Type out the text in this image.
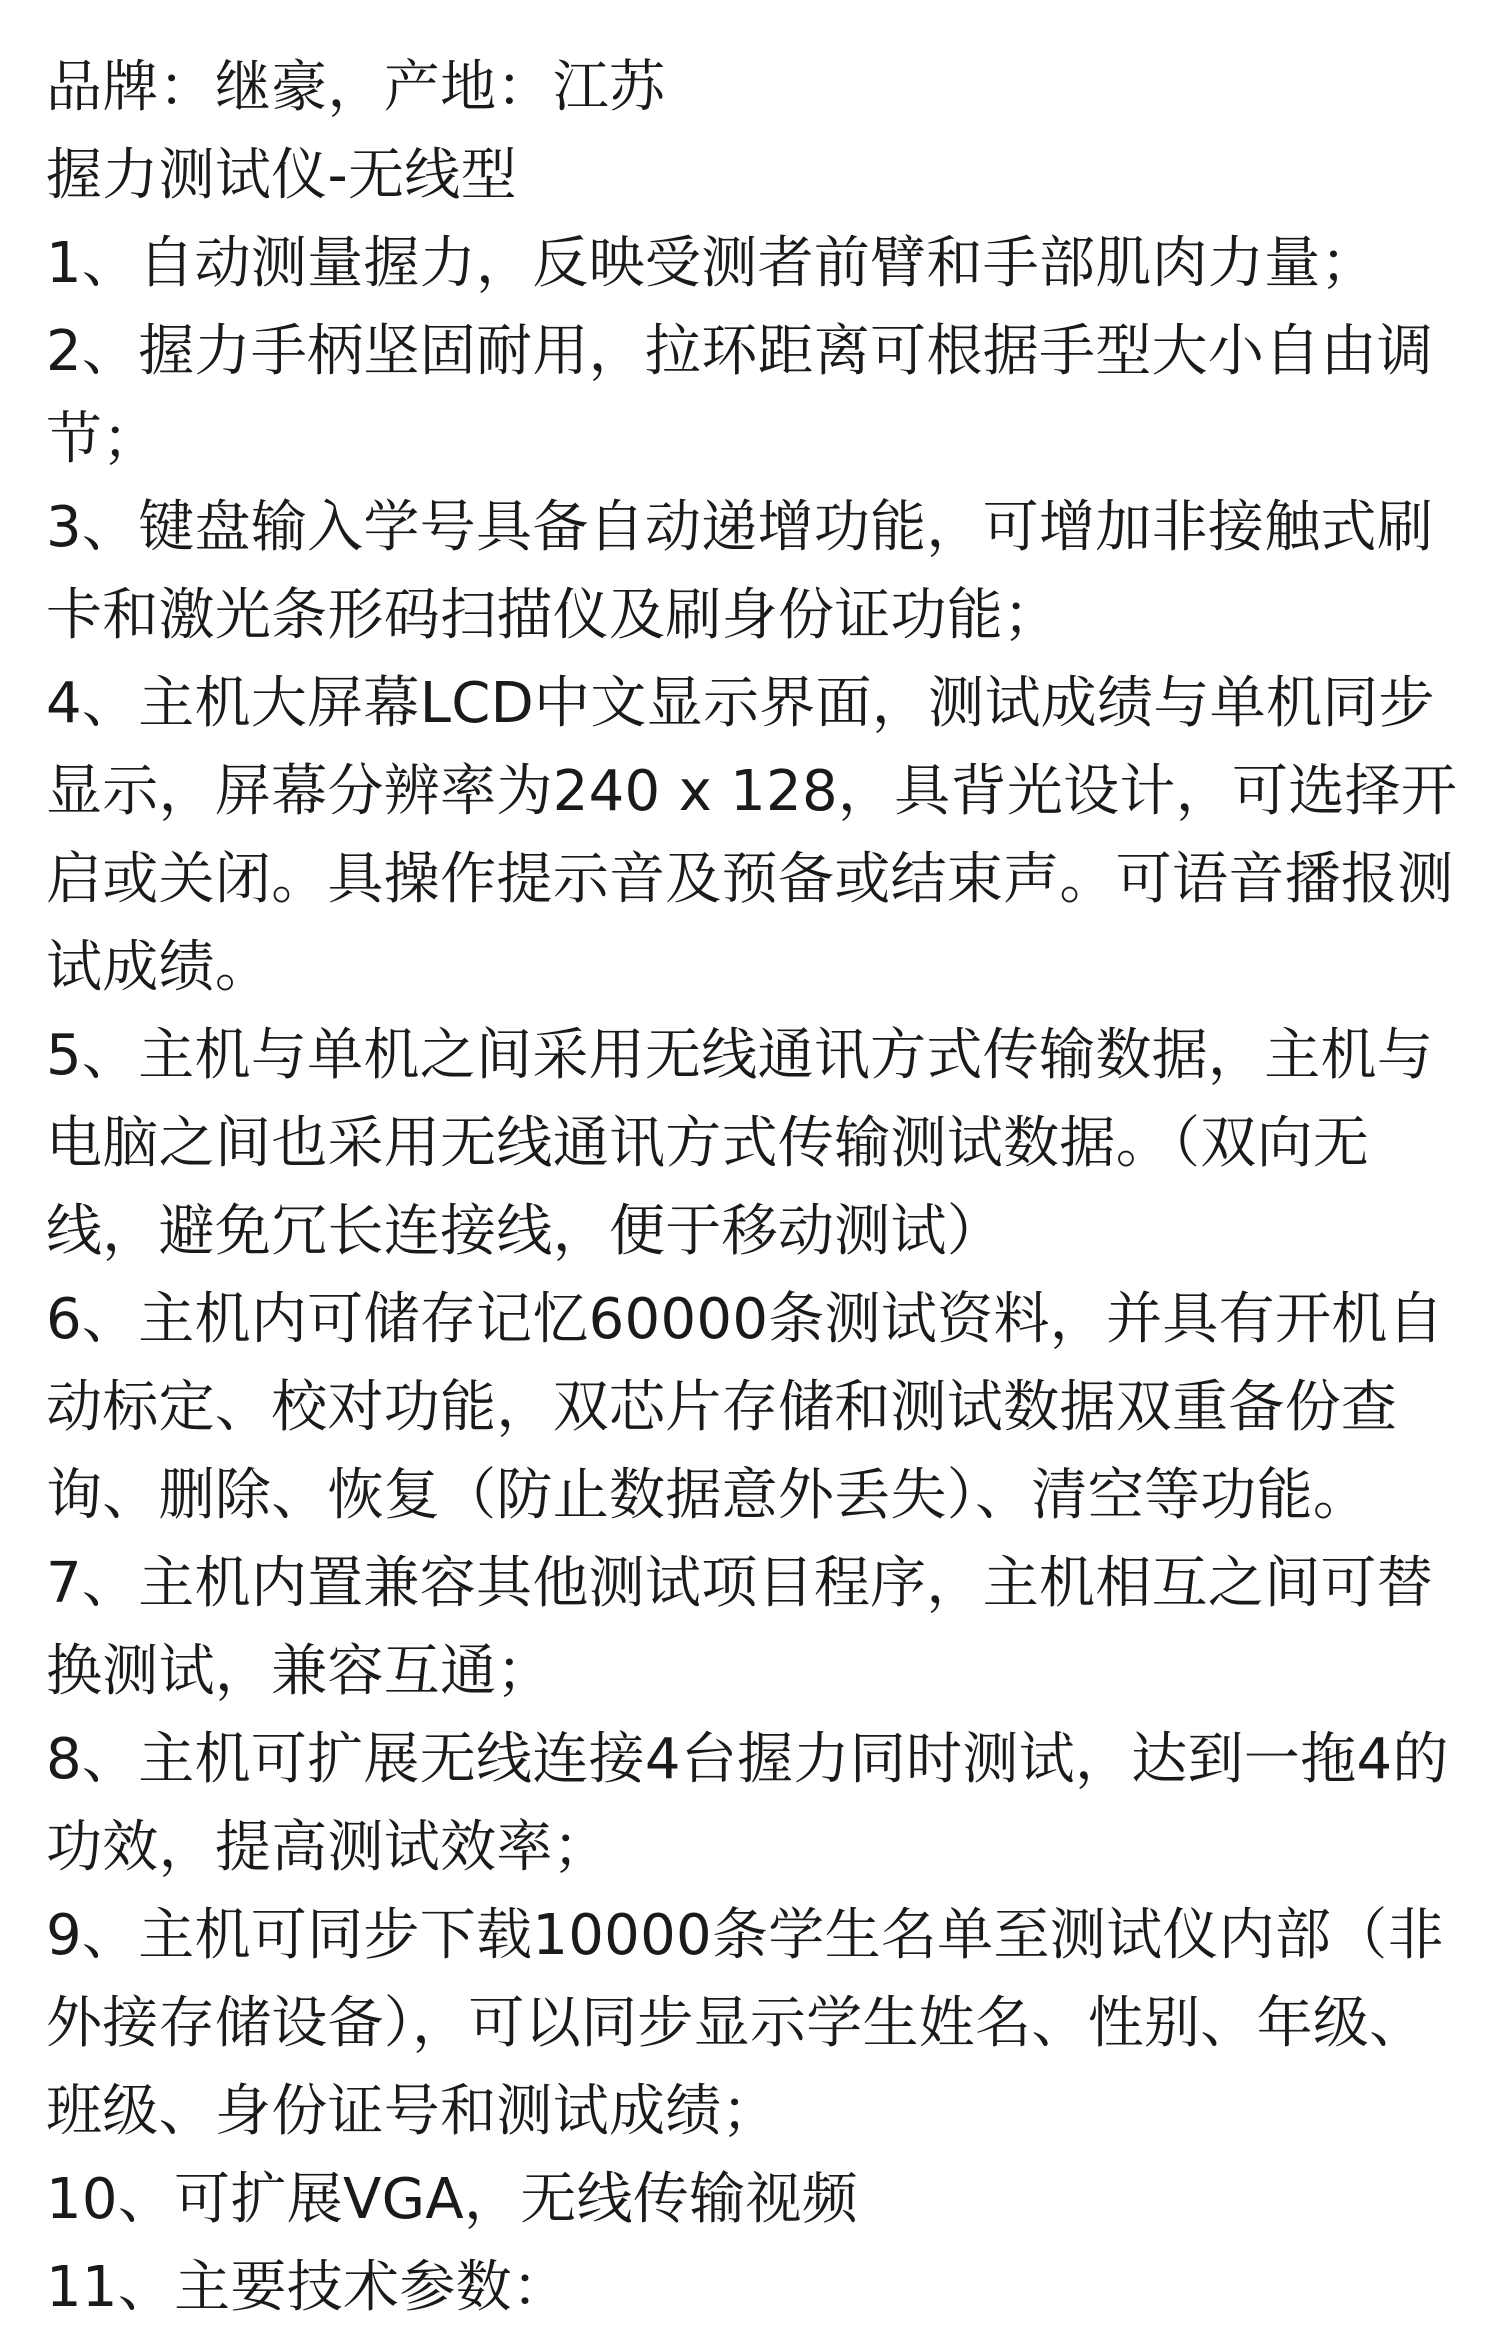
品牌：继豪，产地：江苏

握力测试仪-无线型

1、自动测量握力，反映受测者前臂和手部肌肉力量；

2、握力手柄坚固耐用，拉环距离可根据手型大小自由调节；

3、键盘输入学号具备自动递增功能，可增加非接触式刷卡和激光条形码扫描仪及刷身份证功能；

4、主机大屏幕LCD中文显示界面，测试成绩与单机同步显示，屏幕分辨率为240 x 128，具背光设计，可选择开启或关闭。具操作提示音及预备或结束声。可语音播报测试成绩。

5、主机与单机之间采用无线通讯方式传输数据，主机与电脑之间也采用无线通讯方式传输测试数据。（双向无线，避免冗长连接线，便于移动测试）

6、主机内可储存记忆60000条测试资料，并具有开机自动标定、校对功能，双芯片存储和测试数据双重备份查询、删除、恢复（防止数据意外丢失）、清空等功能。

7、主机内置兼容其他测试项目程序，主机相互之间可替换测试，兼容互通；

8、主机可扩展无线连接4台握力同时测试，达到一拖4的功效，提高测试效率；

9、主机可同步下载10000条学生名单至测试仪内部（非外接存储设备），可以同步显示学生姓名、性别、年级、班级、身份证号和测试成绩；

10、可扩展VGA，无线传输视频

11、主要技术参数：
